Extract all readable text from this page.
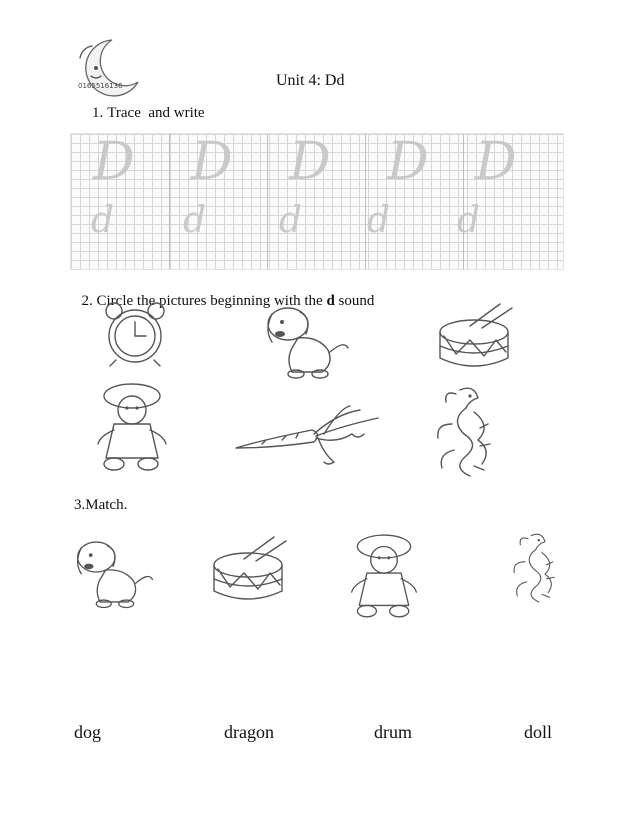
0165516136	Unit 4: Dd
1. Trace  and write
D D D D D
d d d d d

2. Circle the pictures beginning with the d sound

3.Match.
dog	dragon	drum	doll
